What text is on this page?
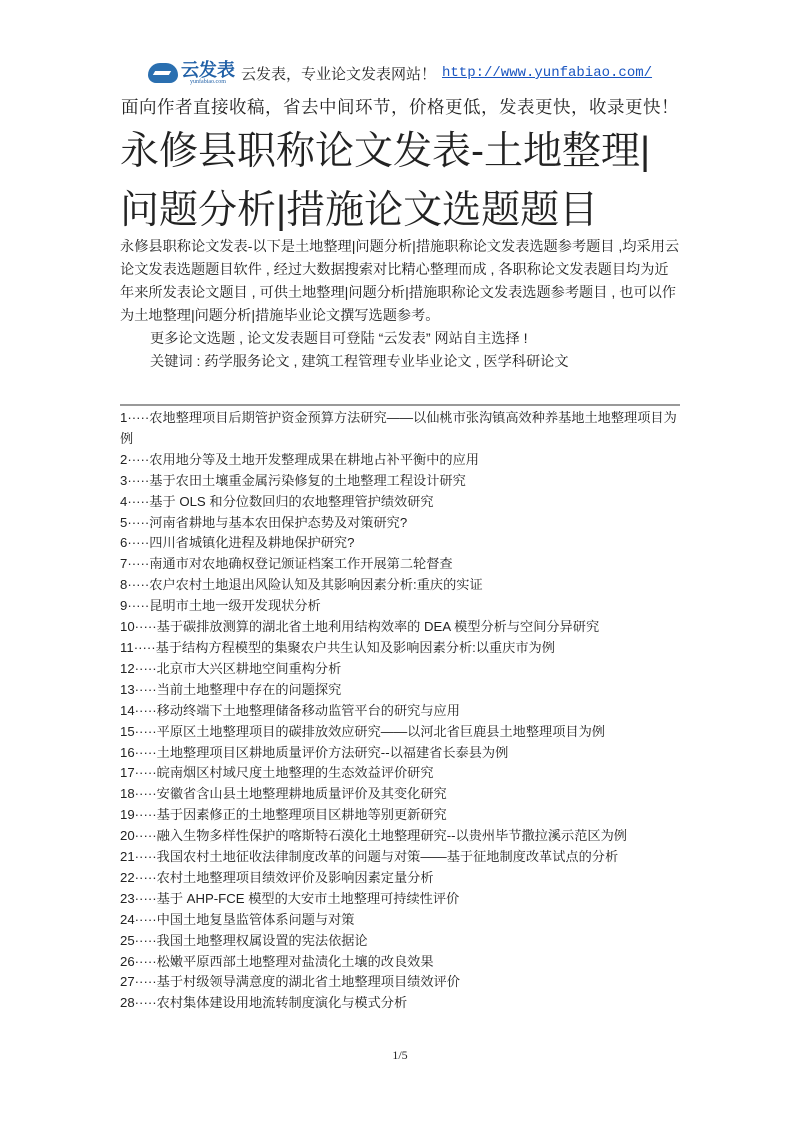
云发表
yunfabiao.com	云发表，专业论文发表网站！ http://www.yunfabiao.com/
面向作者直接收稿，省去中间环节，价格更低，发表更快，收录更快！
永修县职称论文发表-土地整理|问题分析|措施论文选题题目

永修县职称论文发表-以下是土地整理|问题分析|措施职称论文发表选题参考题目 ,均采用云论文发表选题题目软件 , 经过大数据搜索对比精心整理而成 , 各职称论文发表题目均为近年来所发表论文题目 , 可供土地整理|问题分析|措施职称论文发表选题参考题目 , 也可以作为土地整理|问题分析|措施毕业论文撰写选题参考。

更多论文选题 , 论文发表题目可登陆 “云发表” 网站自主选择 !

关键词 : 药学服务论文 , 建筑工程管理专业毕业论文 , 医学科研论文

1·····农地整理项目后期管护资金预算方法研究——以仙桃市张沟镇高效种养基地土地整理项目为例
2·····农用地分等及土地开发整理成果在耕地占补平衡中的应用
3·····基于农田土壤重金属污染修复的土地整理工程设计研究
4·····基于 OLS 和分位数回归的农地整理管护绩效研究
5·····河南省耕地与基本农田保护态势及对策研究?
6·····四川省城镇化进程及耕地保护研究?
7·····南通市对农地确权登记颁证档案工作开展第二轮督查
8·····农户农村土地退出风险认知及其影响因素分析:重庆的实证
9·····昆明市土地一级开发现状分析
10·····基于碳排放测算的湖北省土地利用结构效率的 DEA 模型分析与空间分异研究
11·····基于结构方程模型的集聚农户共生认知及影响因素分析:以重庆市为例
12·····北京市大兴区耕地空间重构分析
13·····当前土地整理中存在的问题探究
14·····移动终端下土地整理储备移动监管平台的研究与应用
15·····平原区土地整理项目的碳排放效应研究——以河北省巨鹿县土地整理项目为例
16·····土地整理项目区耕地质量评价方法研究--以福建省长泰县为例
17·····皖南烟区村域尺度土地整理的生态效益评价研究
18·····安徽省含山县土地整理耕地质量评价及其变化研究
19·····基于因素修正的土地整理项目区耕地等别更新研究
20·····融入生物多样性保护的喀斯特石漠化土地整理研究--以贵州毕节撒拉溪示范区为例
21·····我国农村土地征收法律制度改革的问题与对策——基于征地制度改革试点的分析
22·····农村土地整理项目绩效评价及影响因素定量分析
23·····基于 AHP-FCE 模型的大安市土地整理可持续性评价
24·····中国土地复垦监管体系问题与对策
25·····我国土地整理权属设置的宪法依据论
26·····松嫩平原西部土地整理对盐渍化土壤的改良效果
27·····基于村级领导满意度的湖北省土地整理项目绩效评价
28·····农村集体建设用地流转制度演化与模式分析
1/5
